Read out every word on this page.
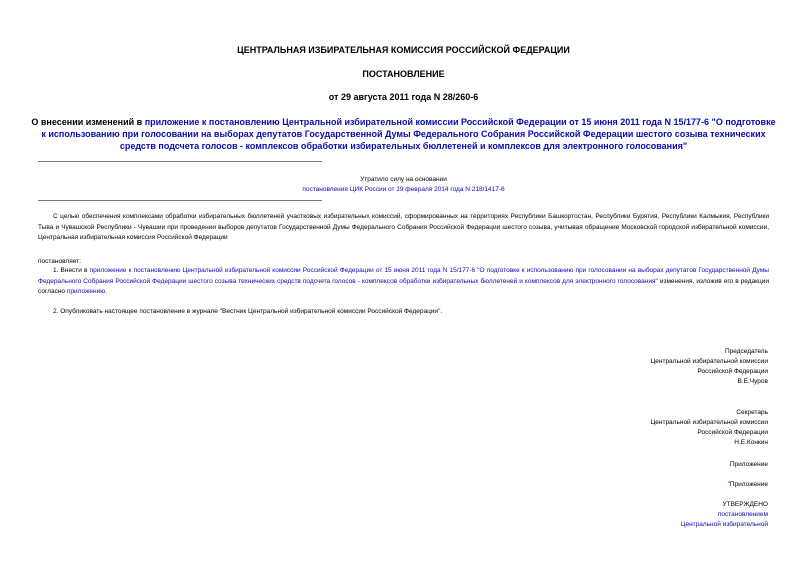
ЦЕНТРАЛЬНАЯ ИЗБИРАТЕЛЬНАЯ КОМИССИЯ РОССИЙСКОЙ ФЕДЕРАЦИИ
ПОСТАНОВЛЕНИЕ
от 29 августа 2011 года N 28/260-6
О внесении изменений в приложение к постановлению Центральной избирательной комиссии Российской Федерации от 15 июня 2011 года N 15/177-6 "О подготовке к использованию при голосовании на выборах депутатов Государственной Думы Федерального Собрания Российской Федерации шестого созыва технических средств подсчета голосов - комплексов обработки избирательных бюллетеней и комплексов для электронного голосования"
Утратило силу на основании
постановления ЦИК России от 19 февраля 2014 года N 218/1417-6
С целью обеспечения комплексами обработки избирательных бюллетеней участковых избирательных комиссий, сформированных на территориях Республики Башкортостан, Республики Бурятия, Республики Калмыкия, Республики Тыва и Чувашской Республики - Чувашии при проведении выборов депутатов Государственной Думы Федерального Собрания Российской Федерации шестого созыва, учитывая обращение Московской городской избирательной комиссии, Центральная избирательная комиссия Российской Федерации
постановляет:
1. Внести в приложение к постановлению Центральной избирательной комиссии Российской Федерации от 15 июня 2011 года N 15/177-6 "О подготовке к использованию при голосовании на выборах депутатов Государственной Думы Федерального Собрания Российской Федерации шестого созыва технических средств подсчета голосов - комплексов обработки избирательных бюллетеней и комплексов для электронного голосования" изменения, изложив его в редакции согласно приложению.
2. Опубликовать настоящее постановление в журнале "Вестник Центральной избирательной комиссии Российской Федерации".
Председатель
Центральной избирательной комиссии
Российской Федерации
В.Е.Чуров
Секретарь
Центральной избирательной комиссии
Российской Федерации
Н.Е.Конкин
Приложение
"Приложение
УТВЕРЖДЕНО
постановлением
Центральной избирательной
